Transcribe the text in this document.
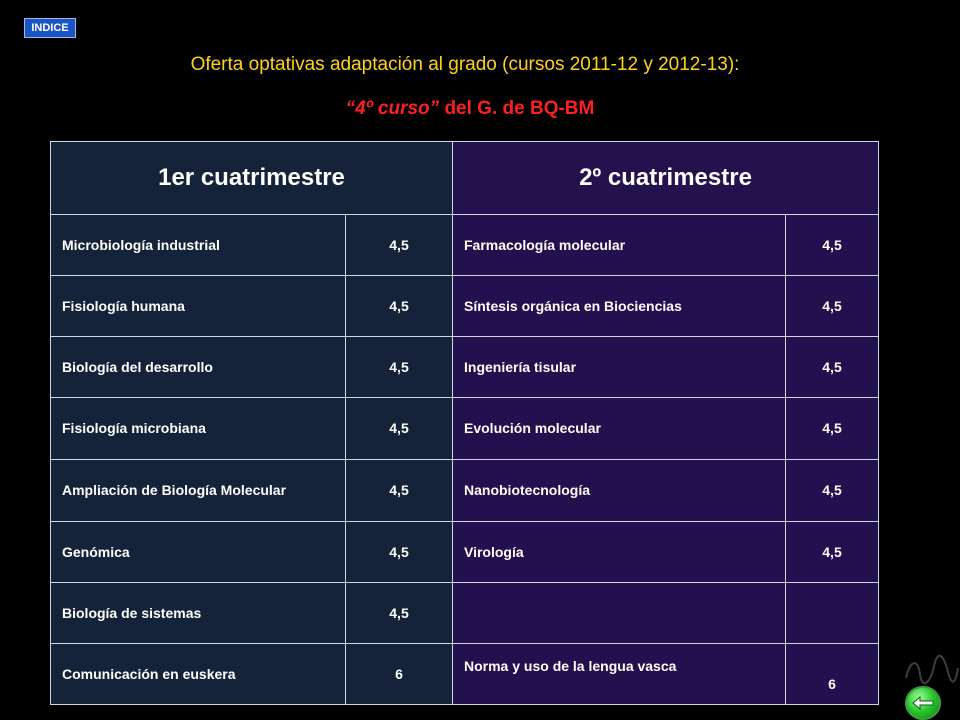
INDICE
Oferta optativas adaptación al grado (cursos 2011-12 y 2012-13):
“4º curso” del G. de BQ-BM
1er cuatrimestre		2º cuatrimestre	
Microbiología industrial	4,5	Farmacología molecular	4,5
Fisiología humana	4,5	Síntesis orgánica en Biociencias	4,5
Biología del desarrollo	4,5	Ingeniería tisular	4,5
Fisiología microbiana	4,5	Evolución molecular	4,5
Ampliación de Biología Molecular	4,5	Nanobiotecnología	4,5
Genómica	4,5	Virología	4,5
Biología de sistemas	4,5		
Comunicación en euskera	6	Norma y uso de la lengua vasca	6
